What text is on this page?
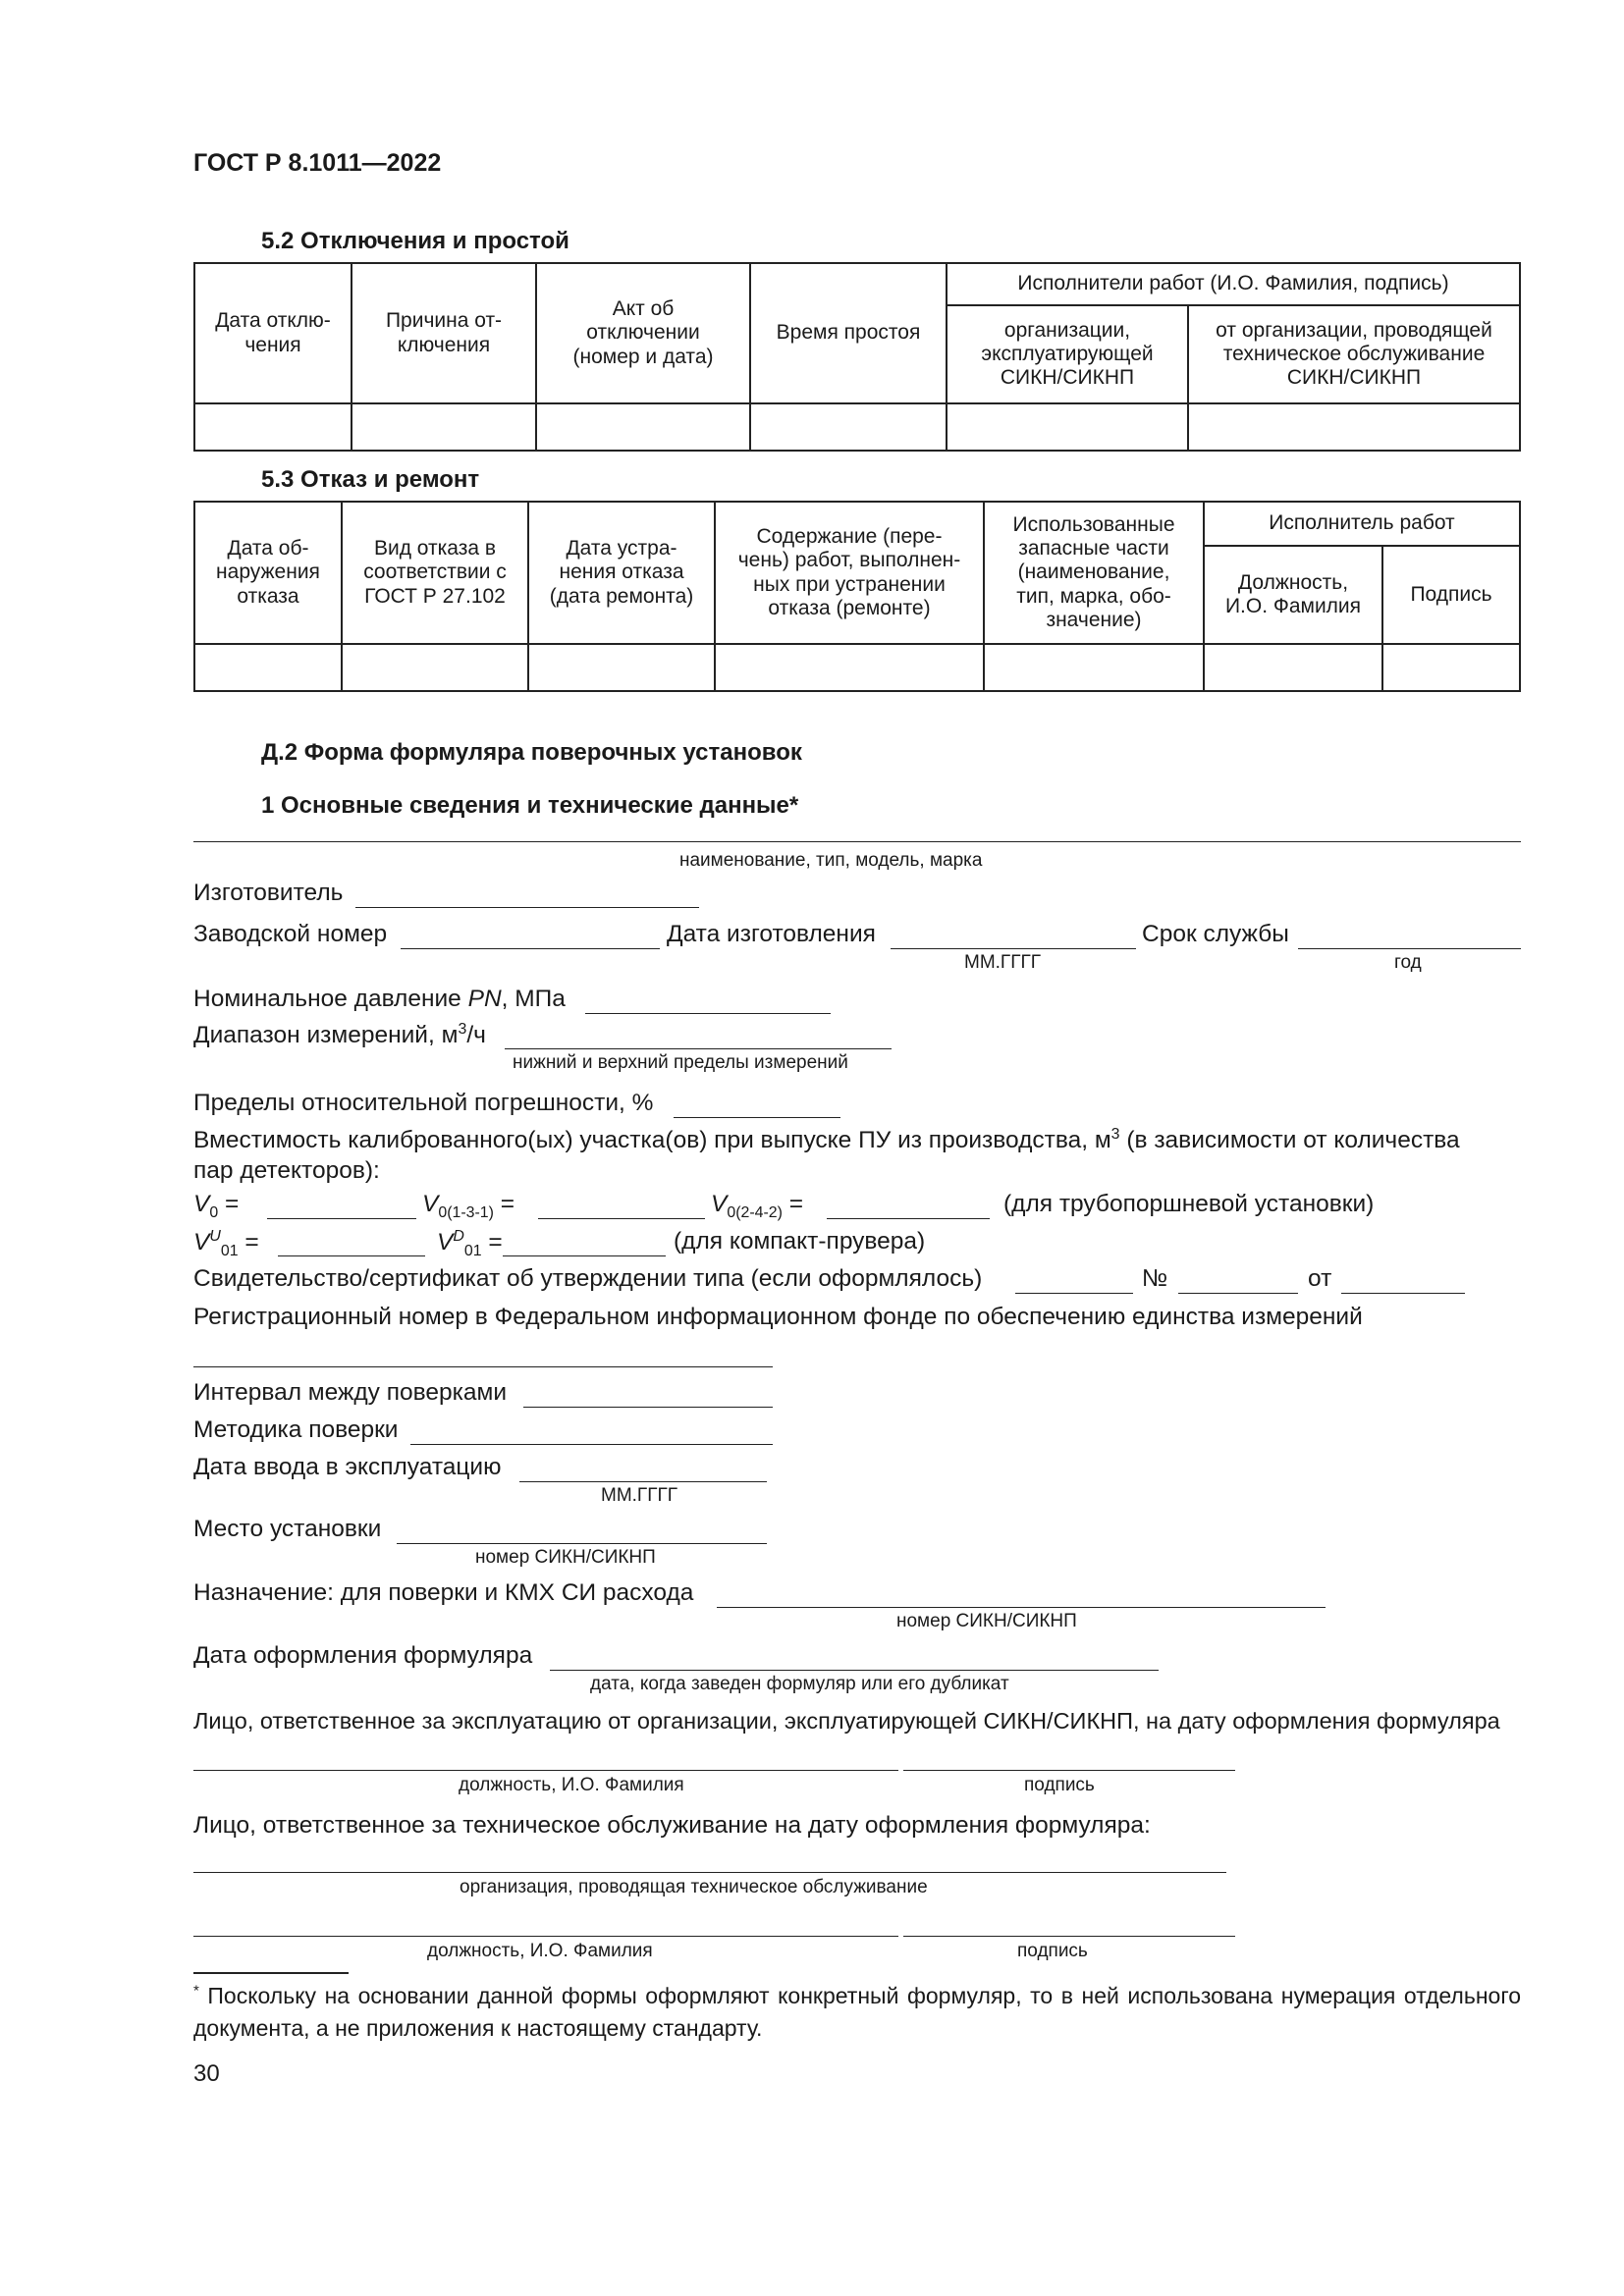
ГОСТ Р 8.1011—2022
5.2 Отключения и простой
Дата отклю-
чения	Причина от-
ключения	Акт об
отключении
(номер и дата)	Время простоя	Исполнители работ (И.О. Фамилия, подпись)	
				организации,
эксплуатирующей
СИКН/СИКНП	от организации, проводящей
техническое обслуживание
СИКН/СИКНП

5.3 Отказ и ремонт
Дата об-
наружения
отказа	Вид отказа в
соответствии с
ГОСТ Р 27.102	Дата устра-
нения отказа
(дата ремонта)	Содержание (пере-
чень) работ, выполнен-
ных при устранении
отказа (ремонте)	Использованные
запасные части
(наименование,
тип, марка, обо-
значение)	Исполнитель работ	
					Должность,
И.О. Фамилия	Подпись

Д.2 Форма формуляра поверочных установок
1 Основные сведения и технические данные*
наименование, тип, модель, марка
Изготовитель
Заводской номер	Дата изготовления	Срок службы
ММ.ГГГГ	год
Номинальное давление PN, МПа
Диапазон измерений, $м^3/ч$
нижний и верхний пределы измерений
Пределы относительной погрешности, %
Вместимость калиброванного(ых) участка(ов) при выпуске ПУ из производства, $м^3$ (в зависимости от количества
пар детекторов):
$V_0$ =	$V_{0(1-3-1)}$ =	$V_{0(2-4-2)}$ =	(для трубопоршневой установки)
$V^U_{01}$ =	$V^D_{01}$ =	(для компакт-прувера)
Свидетельство/сертификат об утверждении типа (если оформлялось)	№	от
Регистрационный номер в Федеральном информационном фонде по обеспечению единства измерений
Интервал между поверками
Методика поверки
Дата ввода в эксплуатацию
ММ.ГГГГ
Место установки
номер СИКН/СИКНП
Назначение: для поверки и КМХ СИ расхода
номер СИКН/СИКНП
Дата оформления формуляра
дата, когда заведен формуляр или его дубликат
Лицо, ответственное за эксплуатацию от организации, эксплуатирующей СИКН/СИКНП, на дату оформления формуляра
должность, И.О. Фамилия	подпись
Лицо, ответственное за техническое обслуживание на дату оформления формуляра:
организация, проводящая техническое обслуживание
должность, И.О. Фамилия	подпись
* Поскольку на основании данной формы оформляют конкретный формуляр, то в ней использована нумерация отдельного документа, а не приложения к настоящему стандарту.
30
